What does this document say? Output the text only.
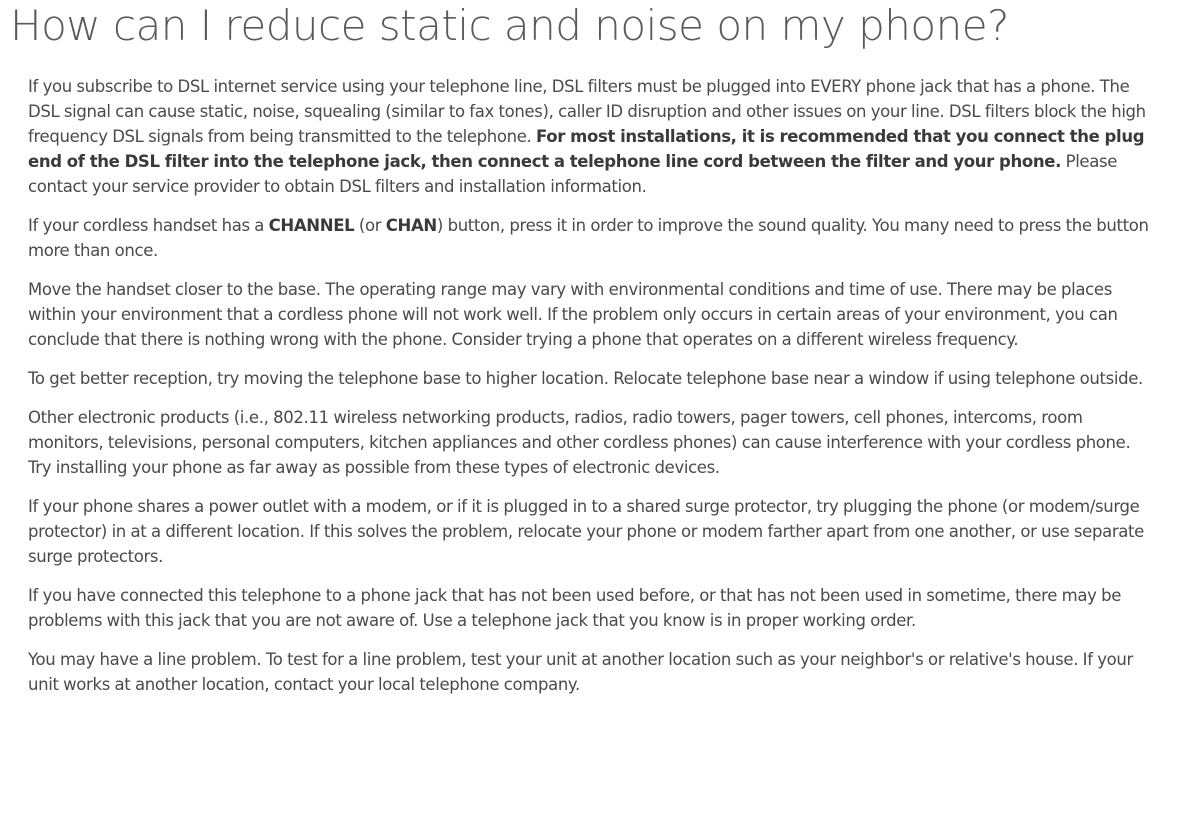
How can I reduce static and noise on my phone?

If you subscribe to DSL internet service using your telephone line, DSL filters must be plugged into EVERY phone jack that has a phone. The DSL signal can cause static, noise, squealing (similar to fax tones), caller ID disruption and other issues on your line. DSL filters block the high frequency DSL signals from being transmitted to the telephone. For most installations, it is recommended that you connect the plug end of the DSL filter into the telephone jack, then connect a telephone line cord between the filter and your phone. Please contact your service provider to obtain DSL filters and installation information.

If your cordless handset has a CHANNEL (or CHAN) button, press it in order to improve the sound quality. You many need to press the button more than once.

Move the handset closer to the base. The operating range may vary with environmental conditions and time of use. There may be places within your environment that a cordless phone will not work well. If the problem only occurs in certain areas of your environment, you can conclude that there is nothing wrong with the phone. Consider trying a phone that operates on a different wireless frequency.

To get better reception, try moving the telephone base to higher location. Relocate telephone base near a window if using telephone outside.

Other electronic products (i.e., 802.11 wireless networking products, radios, radio towers, pager towers, cell phones, intercoms, room monitors, televisions, personal computers, kitchen appliances and other cordless phones) can cause interference with your cordless phone. Try installing your phone as far away as possible from these types of electronic devices.

If your phone shares a power outlet with a modem, or if it is plugged in to a shared surge protector, try plugging the phone (or modem/surge protector) in at a different location. If this solves the problem, relocate your phone or modem farther apart from one another, or use separate surge protectors.

If you have connected this telephone to a phone jack that has not been used before, or that has not been used in sometime, there may be problems with this jack that you are not aware of. Use a telephone jack that you know is in proper working order.

You may have a line problem. To test for a line problem, test your unit at another location such as your neighbor's or relative's house. If your unit works at another location, contact your local telephone company.
